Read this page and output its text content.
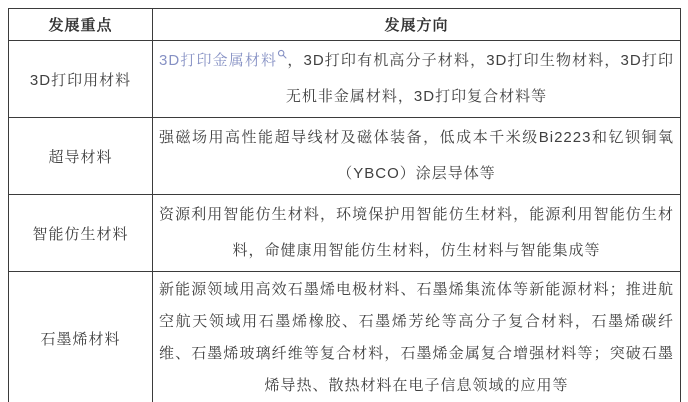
发展重点	发展方向
3D打印用材料	3D打印金属材料 ，3D打印有机高分子材料，3D打印生物材料，3D打印无机非金属材料，3D打印复合材料等
超导材料	强磁场用高性能超导线材及磁体装备，低成本千米级Bi2223和钇钡铜氧（YBCO）涂层导体等
智能仿生材料	资源利用智能仿生材料，环境保护用智能仿生材料，能源利用智能仿生材料，命健康用智能仿生材料，仿生材料与智能集成等
石墨烯材料	新能源领域用高效石墨烯电极材料、石墨烯集流体等新能源材料；推进航空航天领域用石墨烯橡胶、石墨烯芳纶等高分子复合材料，石墨烯碳纤维、石墨烯玻璃纤维等复合材料，石墨烯金属复合增强材料等；突破石墨烯导热、散热材料在电子信息领域的应用等
